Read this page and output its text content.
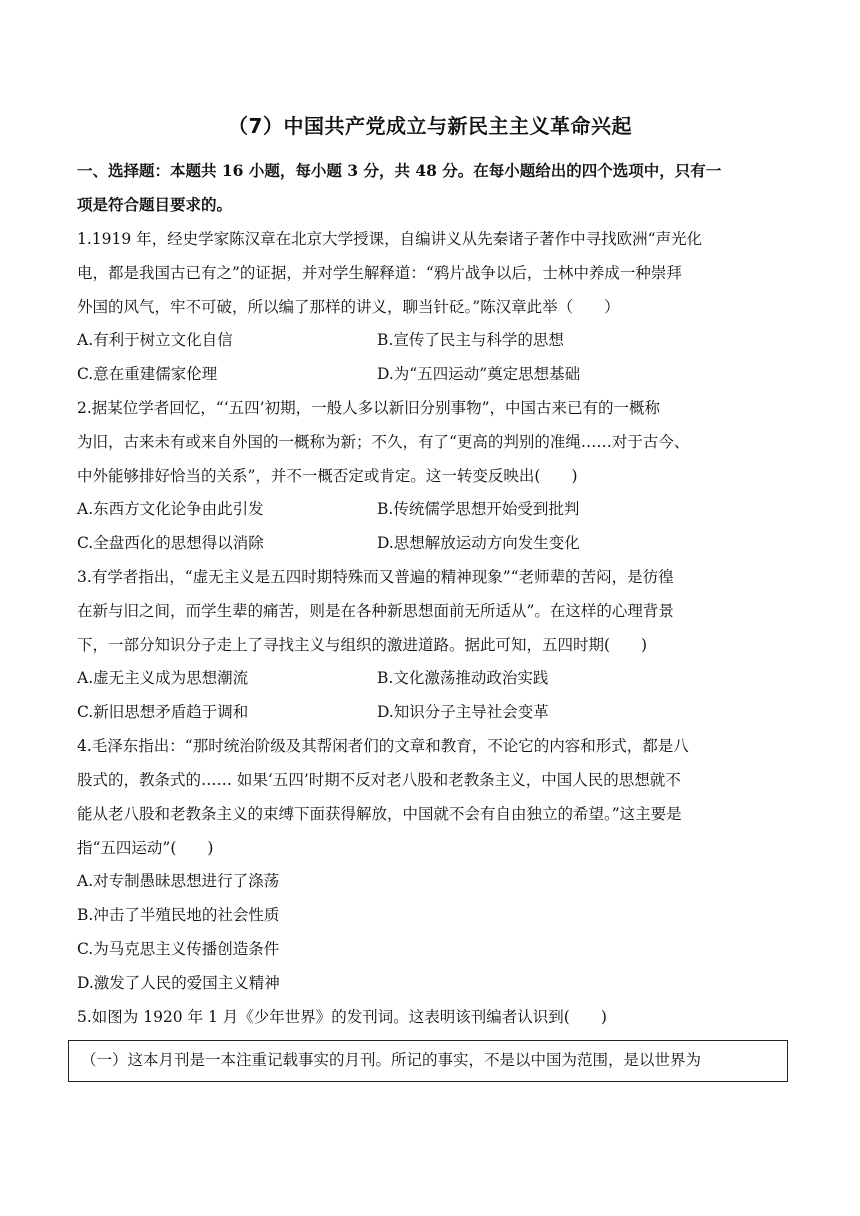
（7）中国共产党成立与新民主主义革命兴起
一、选择题：本题共 16 小题，每小题 3 分，共 48 分。在每小题给出的四个选项中，只有一
项是符合题目要求的。
1.1919 年，经史学家陈汉章在北京大学授课，自编讲义从先秦诸子著作中寻找欧洲“声光化
电，都是我国古已有之”的证据，并对学生解释道：“鸦片战争以后，士林中养成一种崇拜
外国的风气，牢不可破，所以编了那样的讲义，聊当针砭。”陈汉章此举（　　）
A.有利于树立文化自信	B.宣传了民主与科学的思想
C.意在重建儒家伦理	D.为“五四运动”奠定思想基础
2.据某位学者回忆，“‘五四’初期，一般人多以新旧分别事物”，中国古来已有的一概称
为旧，古来未有或来自外国的一概称为新；不久，有了“更高的判别的准绳……对于古今、
中外能够排好恰当的关系”，并不一概否定或肯定。这一转变反映出(　　)
A.东西方文化论争由此引发	B.传统儒学思想开始受到批判
C.全盘西化的思想得以消除	D.思想解放运动方向发生变化
3.有学者指出，“虚无主义是五四时期特殊而又普遍的精神现象”“老师辈的苦闷，是彷徨
在新与旧之间，而学生辈的痛苦，则是在各种新思想面前无所适从”。在这样的心理背景
下，一部分知识分子走上了寻找主义与组织的激进道路。据此可知，五四时期(　　)
A.虚无主义成为思想潮流	B.文化激荡推动政治实践
C.新旧思想矛盾趋于调和	D.知识分子主导社会变革
4.毛泽东指出：“那时统治阶级及其帮闲者们的文章和教育，不论它的内容和形式，都是八
股式的，教条式的…… 如果‘五四’时期不反对老八股和老教条主义，中国人民的思想就不
能从老八股和老教条主义的束缚下面获得解放，中国就不会有自由独立的希望。”这主要是
指“五四运动”(　　)
A.对专制愚昧思想进行了涤荡
B.冲击了半殖民地的社会性质
C.为马克思主义传播创造条件
D.激发了人民的爱国主义精神
5.如图为 1920 年 1 月《少年世界》的发刊词。这表明该刊编者认识到(　　)
（一）这本月刊是一本注重记载事实的月刊。所记的事实，不是以中国为范围，是以世界为
